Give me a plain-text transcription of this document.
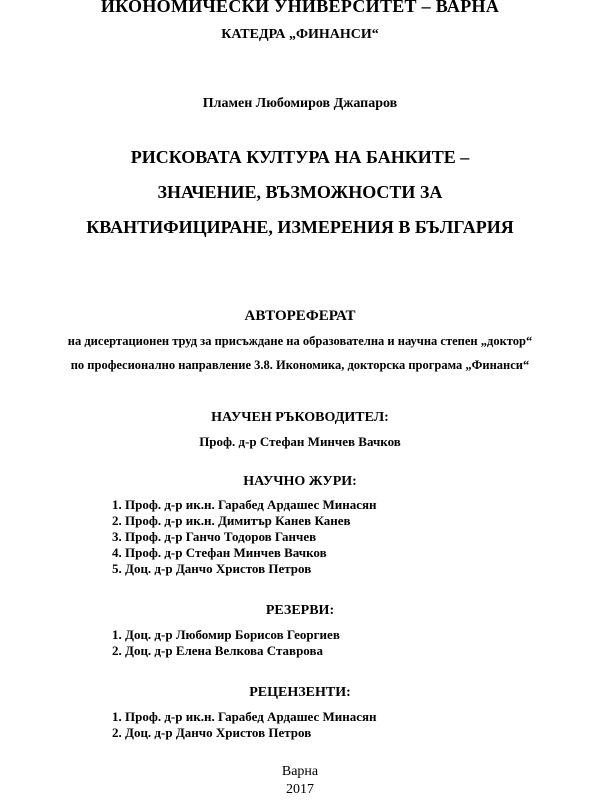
ИКОНОМИЧЕСКИ УНИВЕРСИТЕТ – ВАРНА
КАТЕДРА „ФИНАНСИ“
Пламен Любомиров Джапаров
РИСКОВАТА КУЛТУРА НА БАНКИТЕ –
ЗНАЧЕНИЕ, ВЪЗМОЖНОСТИ ЗА
КВАНТИФИЦИРАНЕ, ИЗМЕРЕНИЯ В БЪЛГАРИЯ
АВТОРЕФЕРАТ
на дисертационен труд за присъждане на образователна и научна степен „доктор“
по професионално направление 3.8. Икономика, докторска програма „Финанси“
НАУЧЕН РЪКОВОДИТЕЛ:
Проф. д-р Стефан Минчев Вачков
НАУЧНО ЖУРИ:
1. Проф. д-р ик.н. Гарабед Ардашес Минасян
2. Проф. д-р ик.н. Димитър Канев Канев
3. Проф. д-р Ганчо Тодоров Ганчев
4. Проф. д-р Стефан Минчев Вачков
5. Доц. д-р Данчо Христов Петров
РЕЗЕРВИ:
1. Доц. д-р Любомир Борисов Георгиев
2. Доц. д-р Елена Велкова Ставрова
РЕЦЕНЗЕНТИ:
1. Проф. д-р ик.н. Гарабед Ардашес Минасян
2. Доц. д-р Данчо Христов Петров
Варна
2017
